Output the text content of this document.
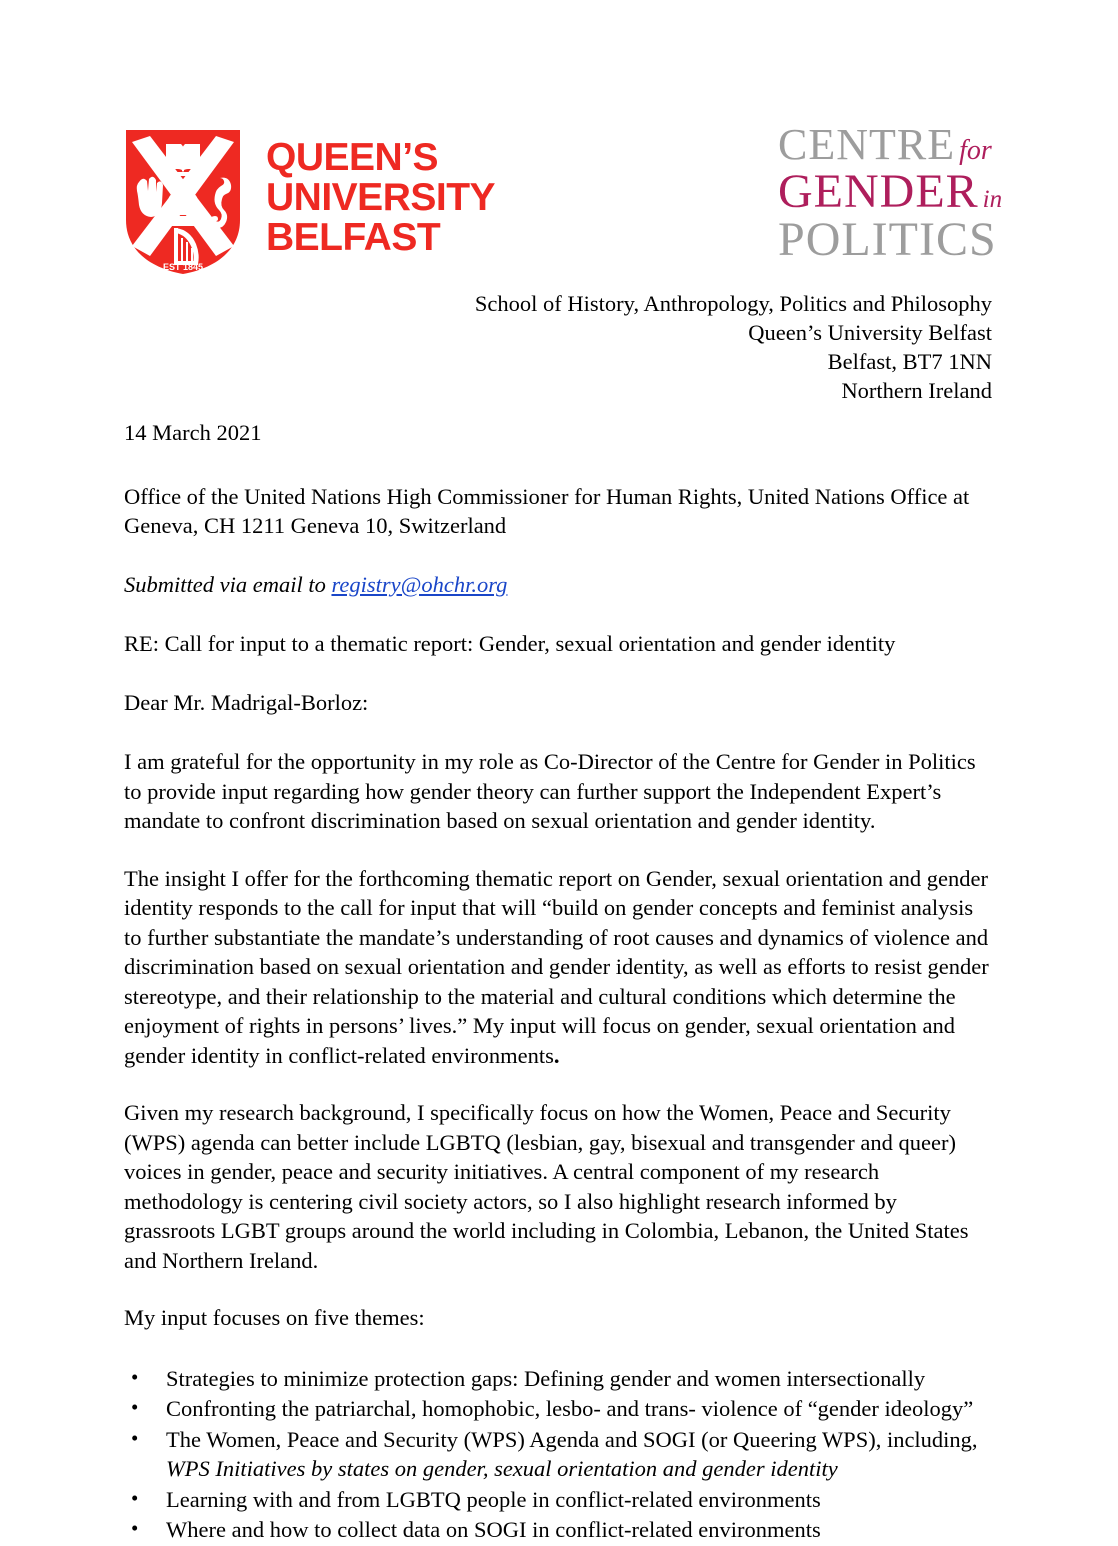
EST 1845
QUEEN’S
UNIVERSITY
BELFAST
CENTRE for
GENDER in
POLITICS
School of History, Anthropology, Politics and Philosophy
Queen’s University Belfast
Belfast, BT7 1NN
Northern Ireland

14 March 2021

Office of the United Nations High Commissioner for Human Rights, United Nations Office at Geneva, CH 1211 Geneva 10, Switzerland

Submitted via email to registry@ohchr.org

RE: Call for input to a thematic report: Gender, sexual orientation and gender identity

Dear Mr. Madrigal-Borloz:

I am grateful for the opportunity in my role as Co-Director of the Centre for Gender in Politics to provide input regarding how gender theory can further support the Independent Expert’s mandate to confront discrimination based on sexual orientation and gender identity.

The insight I offer for the forthcoming thematic report on Gender, sexual orientation and gender identity responds to the call for input that will “build on gender concepts and feminist analysis to further substantiate the mandate’s understanding of root causes and dynamics of violence and discrimination based on sexual orientation and gender identity, as well as efforts to resist gender stereotype, and their relationship to the material and cultural conditions which determine the enjoyment of rights in persons’ lives.” My input will focus on gender, sexual orientation and gender identity in conflict-related environments.

Given my research background, I specifically focus on how the Women, Peace and Security (WPS) agenda can better include LGBTQ (lesbian, gay, bisexual and transgender and queer) voices in gender, peace and security initiatives. A central component of my research methodology is centering civil society actors, so I also highlight research informed by grassroots LGBT groups around the world including in Colombia, Lebanon, the United States and Northern Ireland.

My input focuses on five themes:

• Strategies to minimize protection gaps: Defining gender and women intersectionally
• Confronting the patriarchal, homophobic, lesbo- and trans- violence of “gender ideology”
• The Women, Peace and Security (WPS) Agenda and SOGI (or Queering WPS), including, WPS Initiatives by states on gender, sexual orientation and gender identity
• Learning with and from LGBTQ people in conflict-related environments
• Where and how to collect data on SOGI in conflict-related environments
